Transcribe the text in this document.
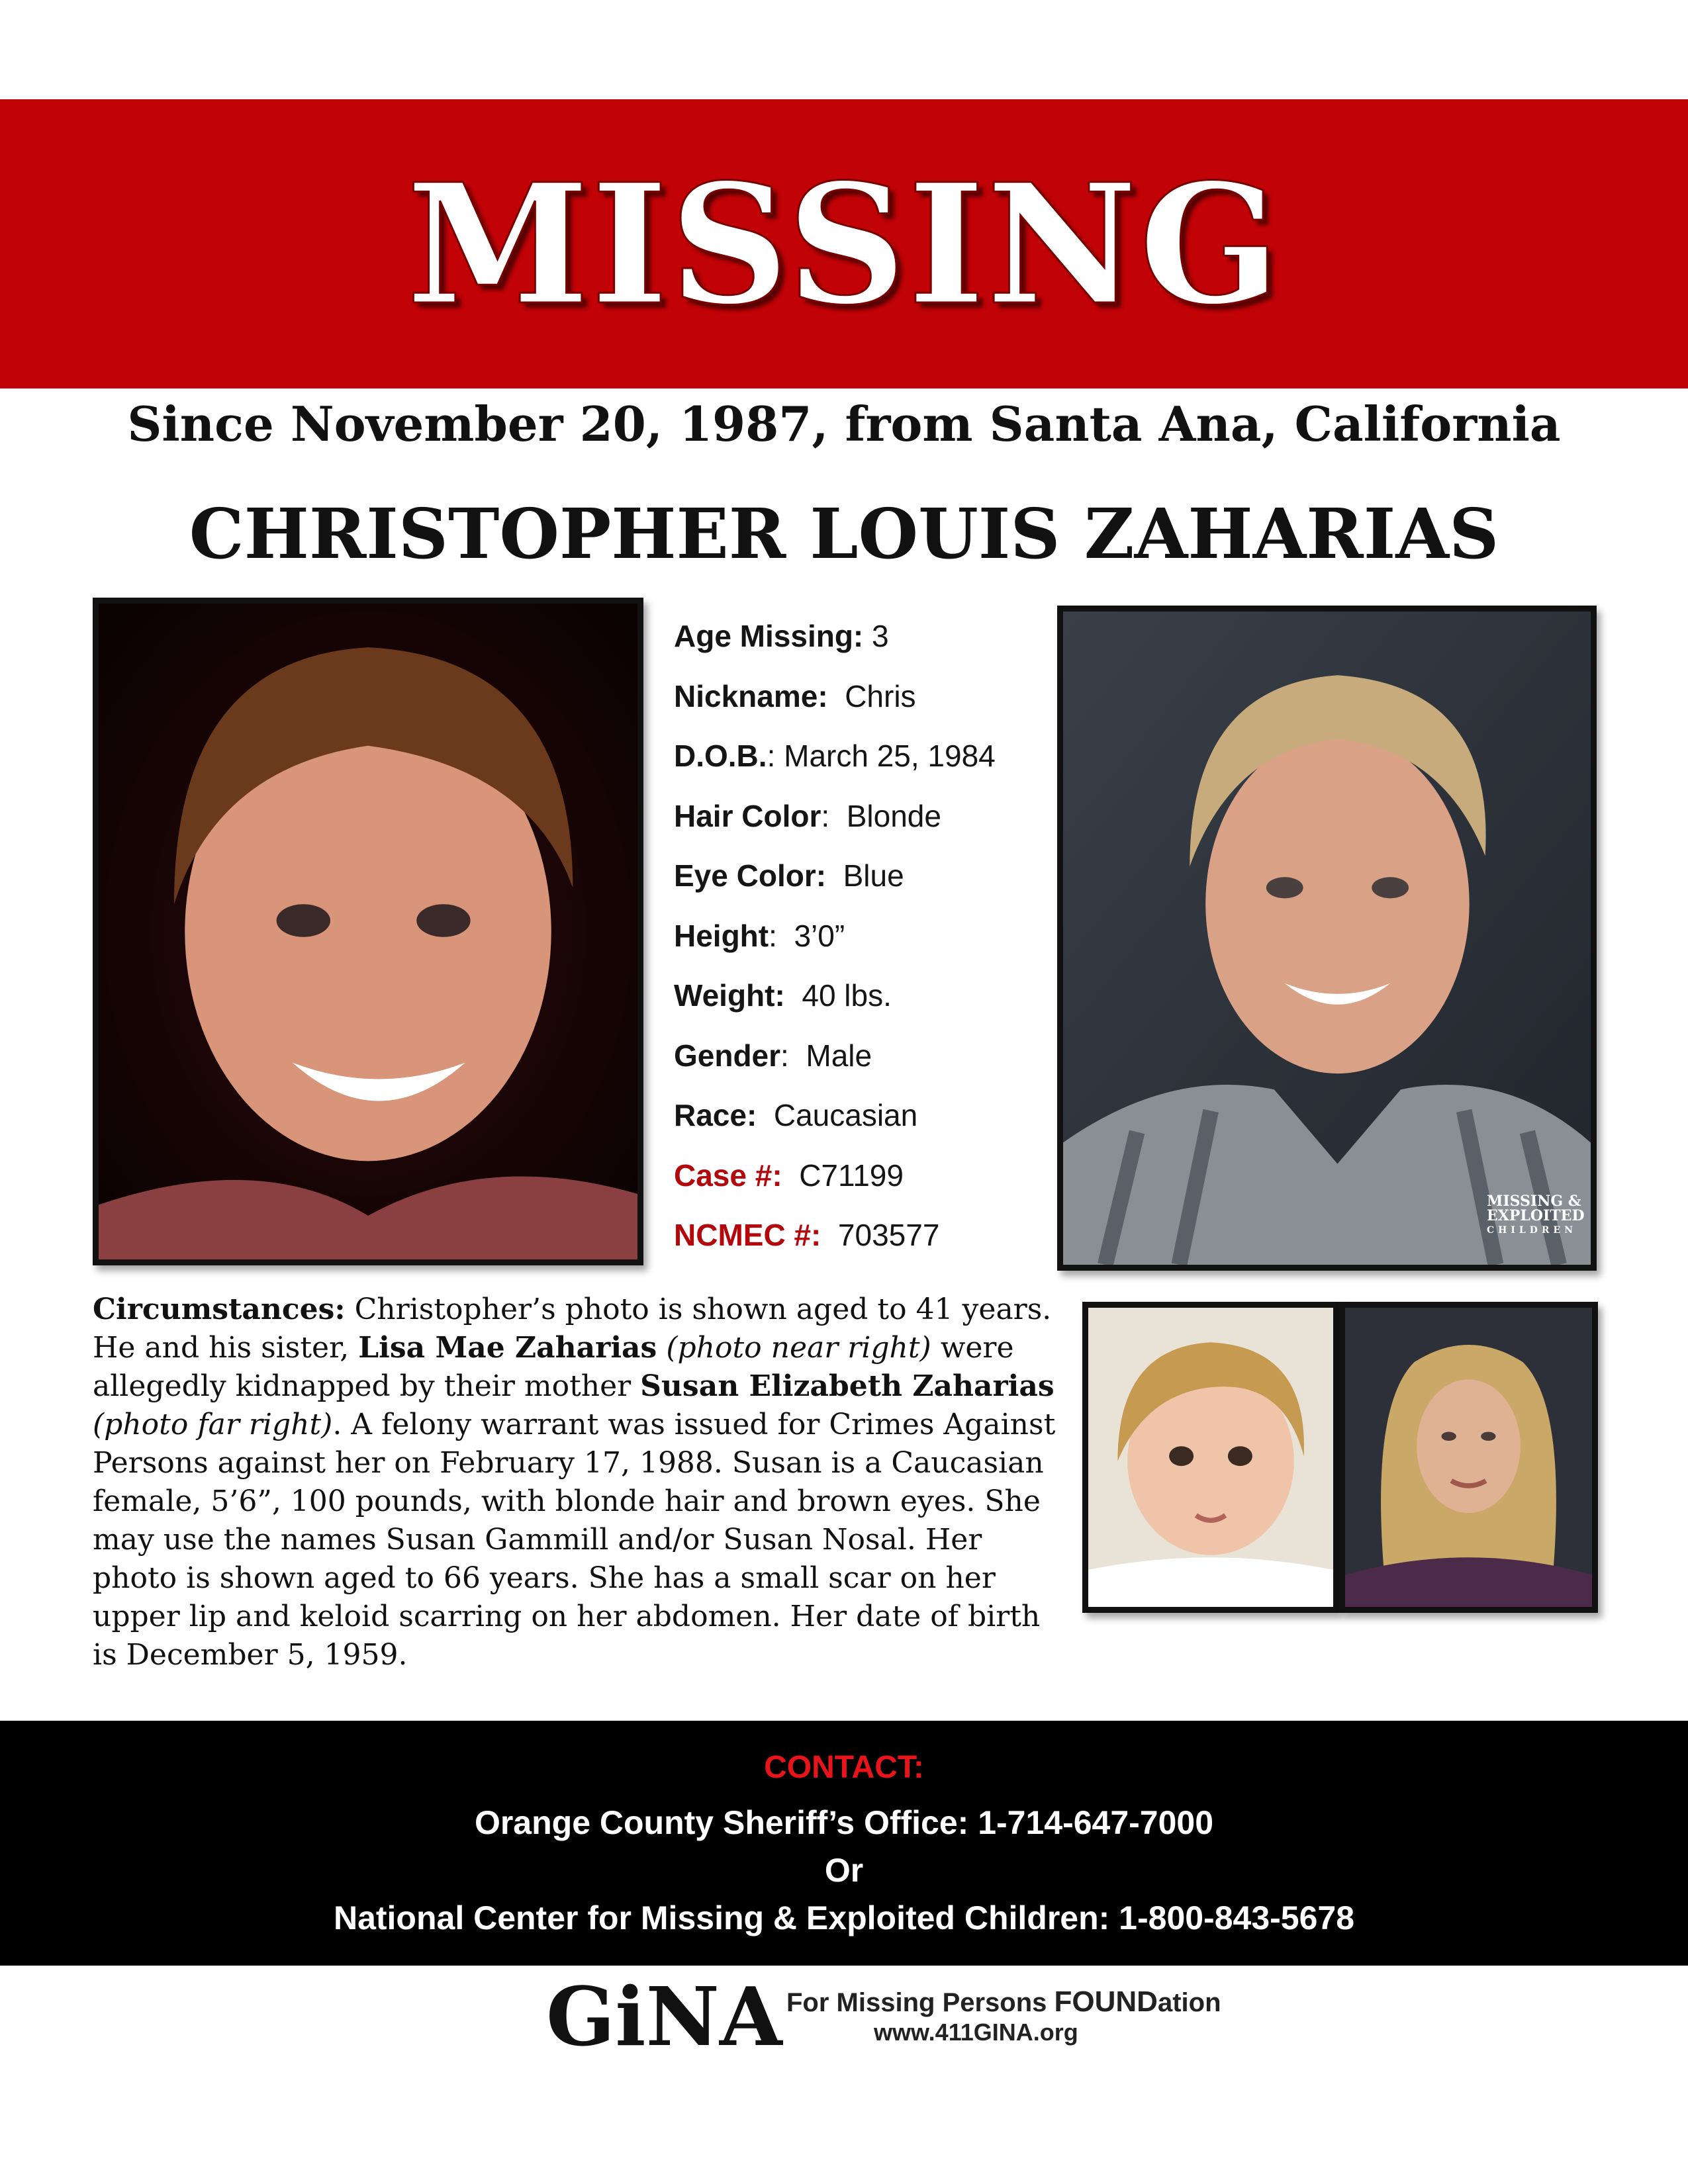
MISSING
Since November 20, 1987, from Santa Ana, California
CHRISTOPHER LOUIS ZAHARIAS
Age Missing: 3
Nickname:  Chris
D.O.B.: March 25, 1984
Hair Color:  Blonde
Eye Color:  Blue
Height:  3’0”
Weight:  40 lbs.
Gender:  Male
Race:  Caucasian
Case #:  C71199
NCMEC #:  703577
MISSING &
EXPLOITED
CHILDREN
Circumstances: Christopher’s photo is shown aged to 41 years. He and his sister, Lisa Mae Zaharias (photo near right) were allegedly kidnapped by their mother Susan Elizabeth Zaharias (photo far right). A felony warrant was issued for Crimes Against Persons against her on February 17, 1988. Susan is a Caucasian female, 5’6”, 100 pounds, with blonde hair and brown eyes. She may use the names Susan Gammill and/or Susan Nosal. Her photo is shown aged to 66 years. She has a small scar on her upper lip and keloid scarring on her abdomen. Her date of birth is December 5, 1959.
CONTACT:
Orange County Sheriff’s Office: 1-714-647-7000
Or
National Center for Missing & Exploited Children: 1-800-843-5678
GiNA For Missing Persons FOUNDation
www.411GINA.org
